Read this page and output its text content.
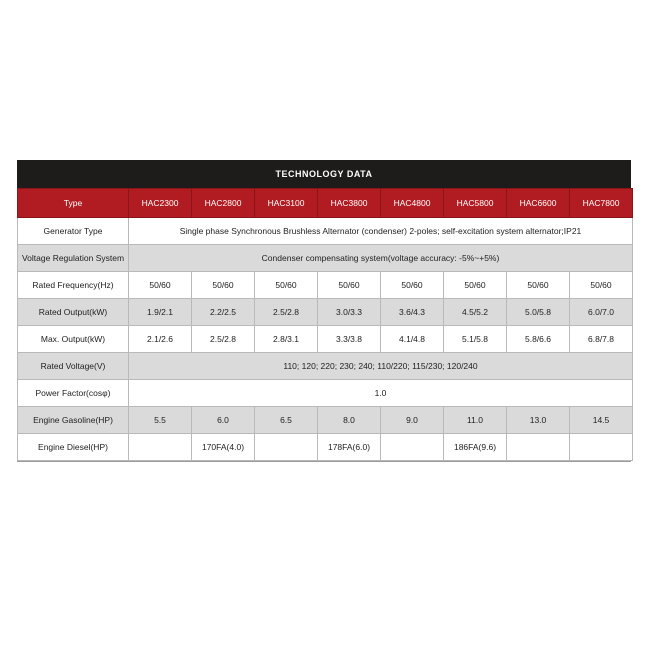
TECHNOLOGY DATA
Type	HAC2300	HAC2800	HAC3100	HAC3800	HAC4800	HAC5800	HAC6600	HAC7800
Generator Type	Single phase Synchronous Brushless Alternator (condenser) 2-poles; self-excitation system alternator;IP21							
Voltage Regulation System	Condenser compensating system(voltage accuracy: -5%~+5%)							
Rated Frequency(Hz)	50/60	50/60	50/60	50/60	50/60	50/60	50/60	50/60
Rated Output(kW)	1.9/2.1	2.2/2.5	2.5/2.8	3.0/3.3	3.6/4.3	4.5/5.2	5.0/5.8	6.0/7.0
Max. Output(kW)	2.1/2.6	2.5/2.8	2.8/3.1	3.3/3.8	4.1/4.8	5.1/5.8	5.8/6.6	6.8/7.8
Rated Voltage(V)	110; 120; 220; 230; 240; 110/220; 115/230; 120/240							
Power Factor(cosφ)	1.0							
Engine Gasoline(HP)	5.5	6.0	6.5	8.0	9.0	11.0	13.0	14.5
Engine Diesel(HP)		170FA(4.0)		178FA(6.0)		186FA(9.6)		
